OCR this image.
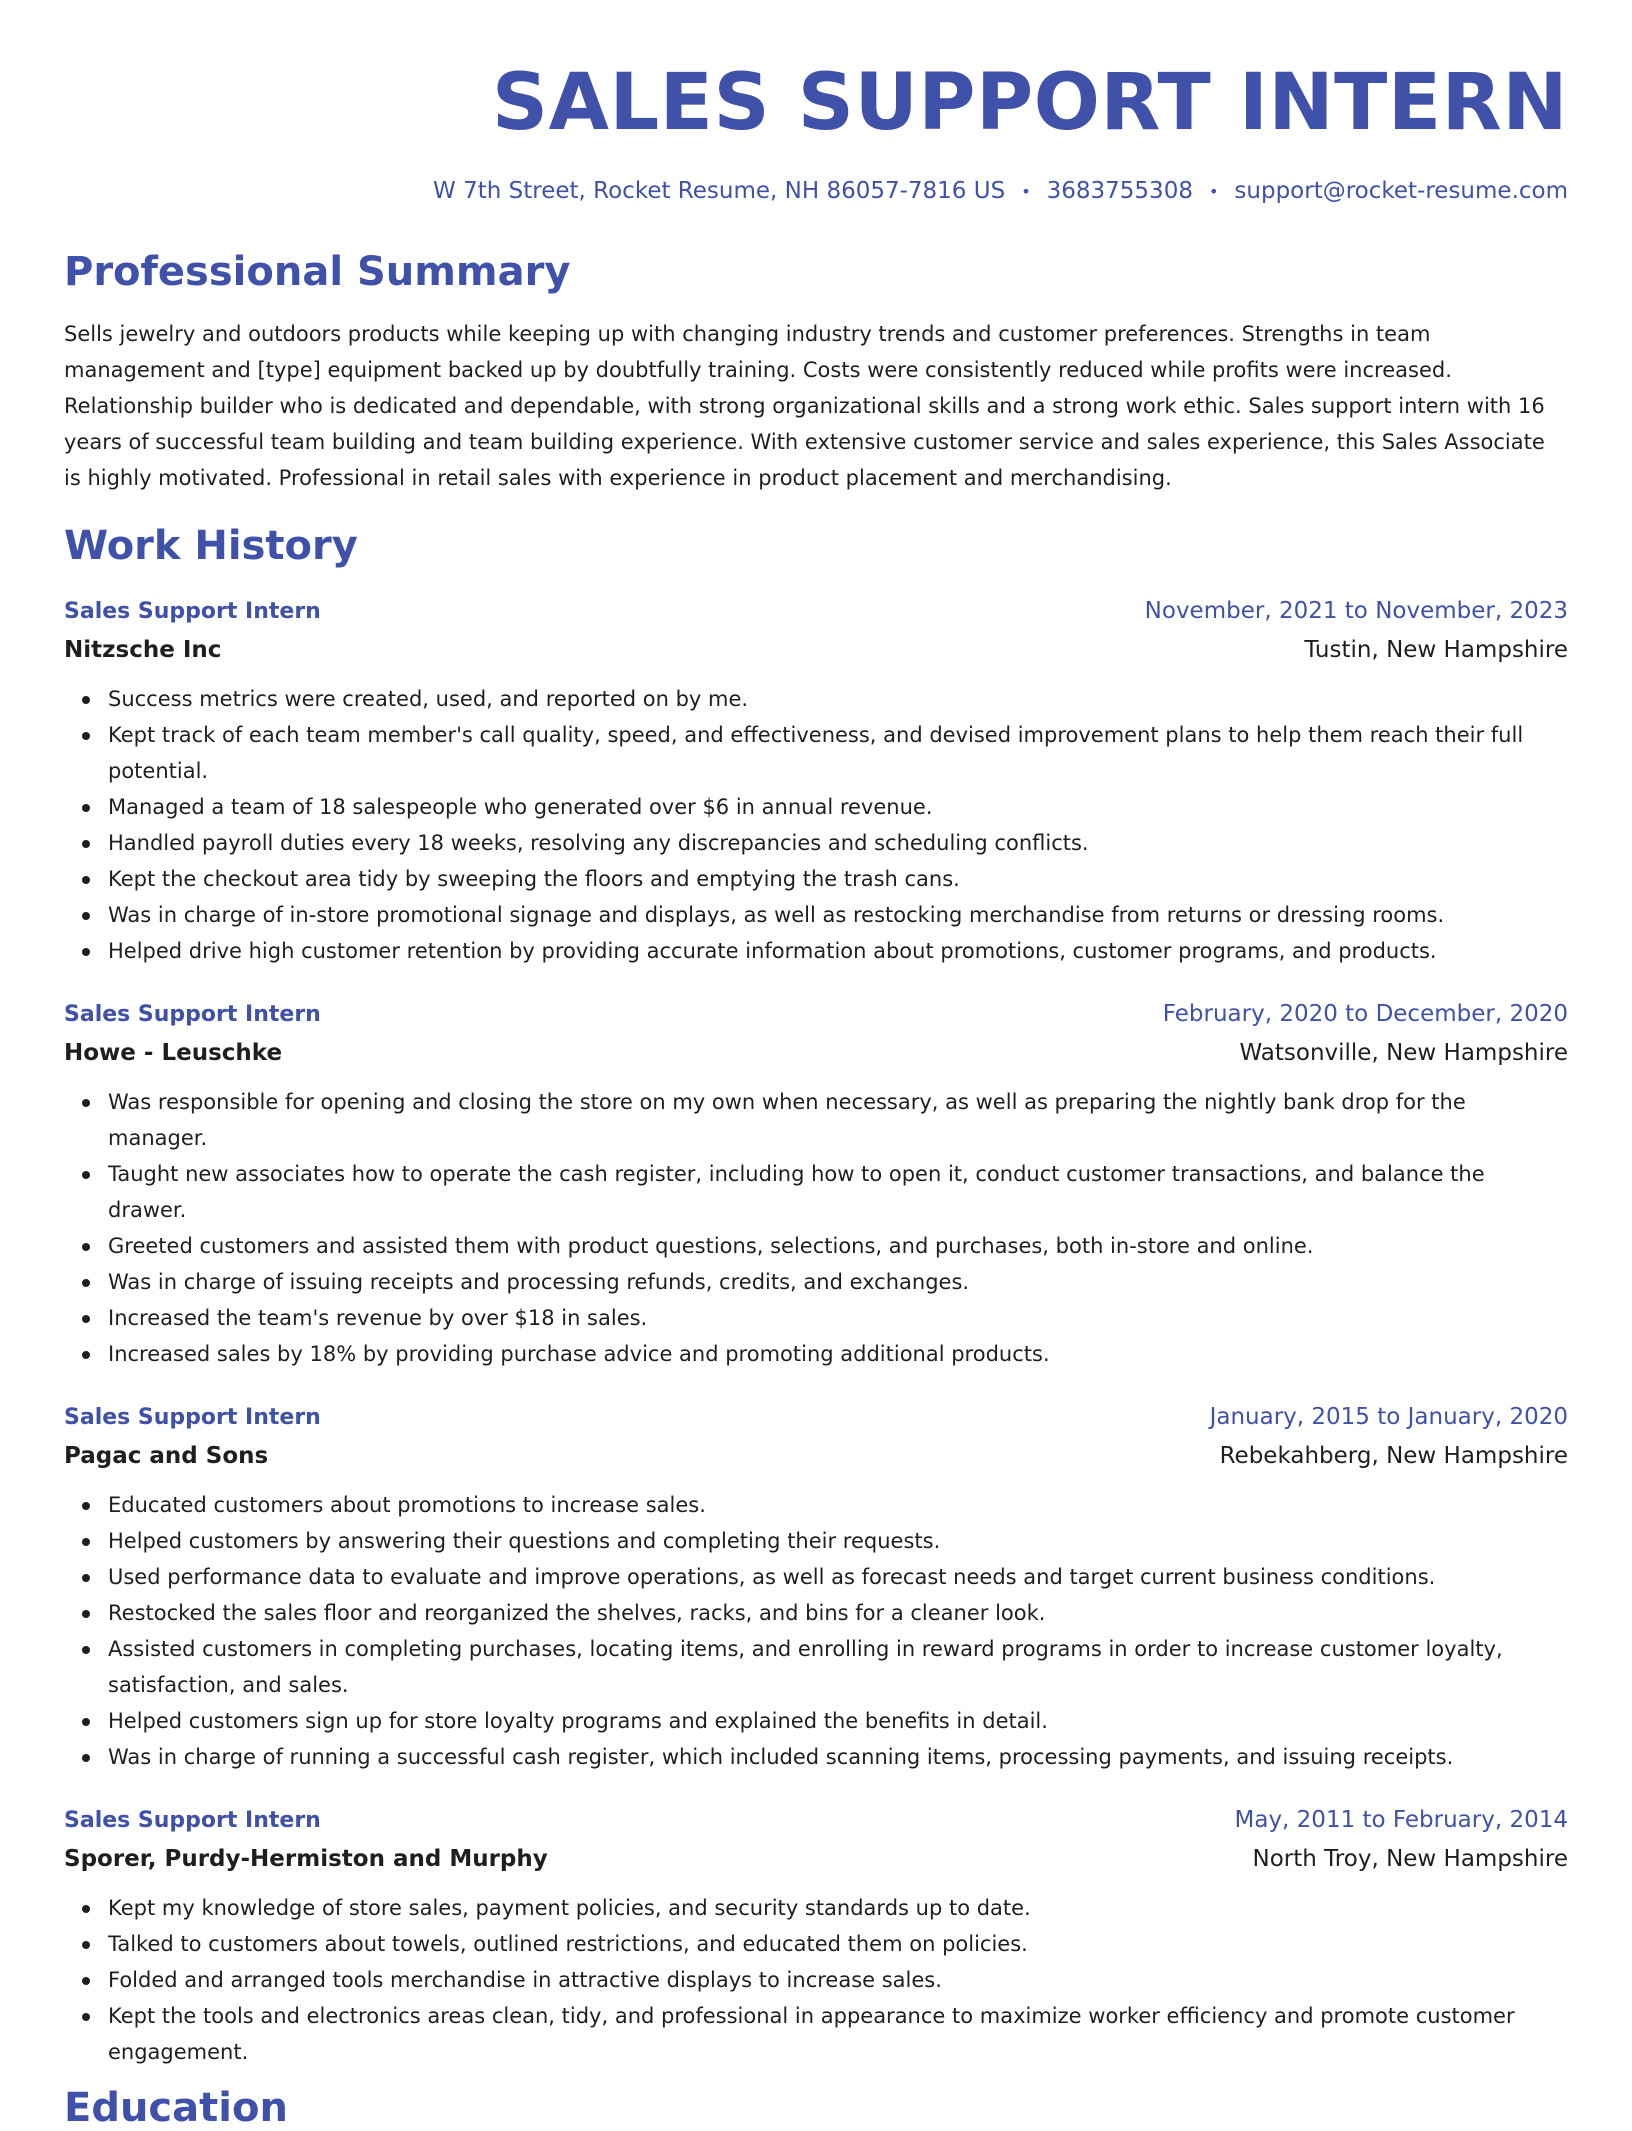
SALES SUPPORT INTERN
W 7th Street, Rocket Resume, NH 86057-7816 US • 3683755308 • support@rocket-resume.com
Professional Summary
Sells jewelry and outdoors products while keeping up with changing industry trends and customer preferences. Strengths in team management and [type] equipment backed up by doubtfully training. Costs were consistently reduced while profits were increased. Relationship builder who is dedicated and dependable, with strong organizational skills and a strong work ethic. Sales support intern with 16 years of successful team building and team building experience. With extensive customer service and sales experience, this Sales Associate is highly motivated. Professional in retail sales with experience in product placement and merchandising.
Work History
Sales Support Intern	November, 2021 to November, 2023
Nitzsche Inc	Tustin, New Hampshire
Success metrics were created, used, and reported on by me.
Kept track of each team member's call quality, speed, and effectiveness, and devised improvement plans to help them reach their full potential.
Managed a team of 18 salespeople who generated over $6 in annual revenue.
Handled payroll duties every 18 weeks, resolving any discrepancies and scheduling conflicts.
Kept the checkout area tidy by sweeping the floors and emptying the trash cans.
Was in charge of in-store promotional signage and displays, as well as restocking merchandise from returns or dressing rooms.
Helped drive high customer retention by providing accurate information about promotions, customer programs, and products.
Sales Support Intern	February, 2020 to December, 2020
Howe - Leuschke	Watsonville, New Hampshire
Was responsible for opening and closing the store on my own when necessary, as well as preparing the nightly bank drop for the manager.
Taught new associates how to operate the cash register, including how to open it, conduct customer transactions, and balance the drawer.
Greeted customers and assisted them with product questions, selections, and purchases, both in-store and online.
Was in charge of issuing receipts and processing refunds, credits, and exchanges.
Increased the team's revenue by over $18 in sales.
Increased sales by 18% by providing purchase advice and promoting additional products.
Sales Support Intern	January, 2015 to January, 2020
Pagac and Sons	Rebekahberg, New Hampshire
Educated customers about promotions to increase sales.
Helped customers by answering their questions and completing their requests.
Used performance data to evaluate and improve operations, as well as forecast needs and target current business conditions.
Restocked the sales floor and reorganized the shelves, racks, and bins for a cleaner look.
Assisted customers in completing purchases, locating items, and enrolling in reward programs in order to increase customer loyalty, satisfaction, and sales.
Helped customers sign up for store loyalty programs and explained the benefits in detail.
Was in charge of running a successful cash register, which included scanning items, processing payments, and issuing receipts.
Sales Support Intern	May, 2011 to February, 2014
Sporer, Purdy-Hermiston and Murphy	North Troy, New Hampshire
Kept my knowledge of store sales, payment policies, and security standards up to date.
Talked to customers about towels, outlined restrictions, and educated them on policies.
Folded and arranged tools merchandise in attractive displays to increase sales.
Kept the tools and electronics areas clean, tidy, and professional in appearance to maximize worker efficiency and promote customer engagement.
Education
